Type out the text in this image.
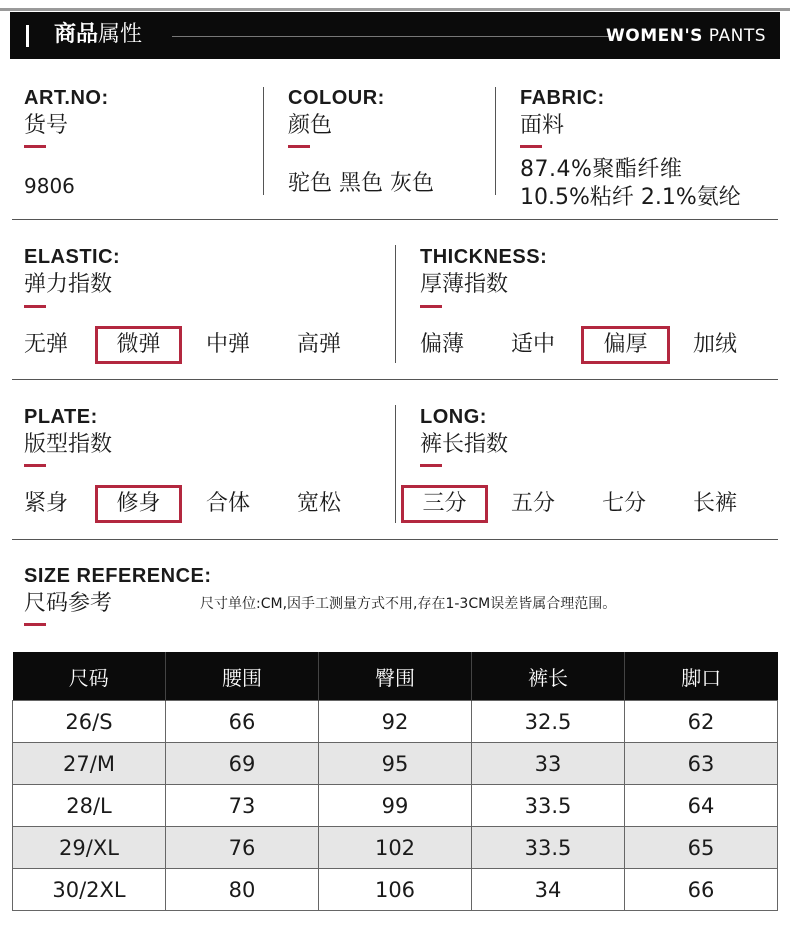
商品属性	WOMEN'S PANTS
ART.NO:
货号
9806
COLOUR:
颜色
驼色 黑色 灰色
FABRIC:
面料
87.4%聚酯纤维
10.5%粘纤 2.1%氨纶
ELASTIC:
弹力指数
无弹	微弹	中弹 高弹
THICKNESS:
厚薄指数
偏薄 适中	偏厚	加绒
PLATE:
版型指数
紧身	修身	合体 宽松
LONG:
裤长指数
三分	五分 七分 长裤
SIZE REFERENCE:
尺码参考	尺寸单位:CM,因手工测量方式不用,存在1-3CM误差皆属合理范围。
尺码	腰围	臀围	裤长	脚口
26/S	66	92	32.5	62
27/M	69	95	33	63
28/L	73	99	33.5	64
29/XL	76	102	33.5	65
30/2XL	80	106	34	66
